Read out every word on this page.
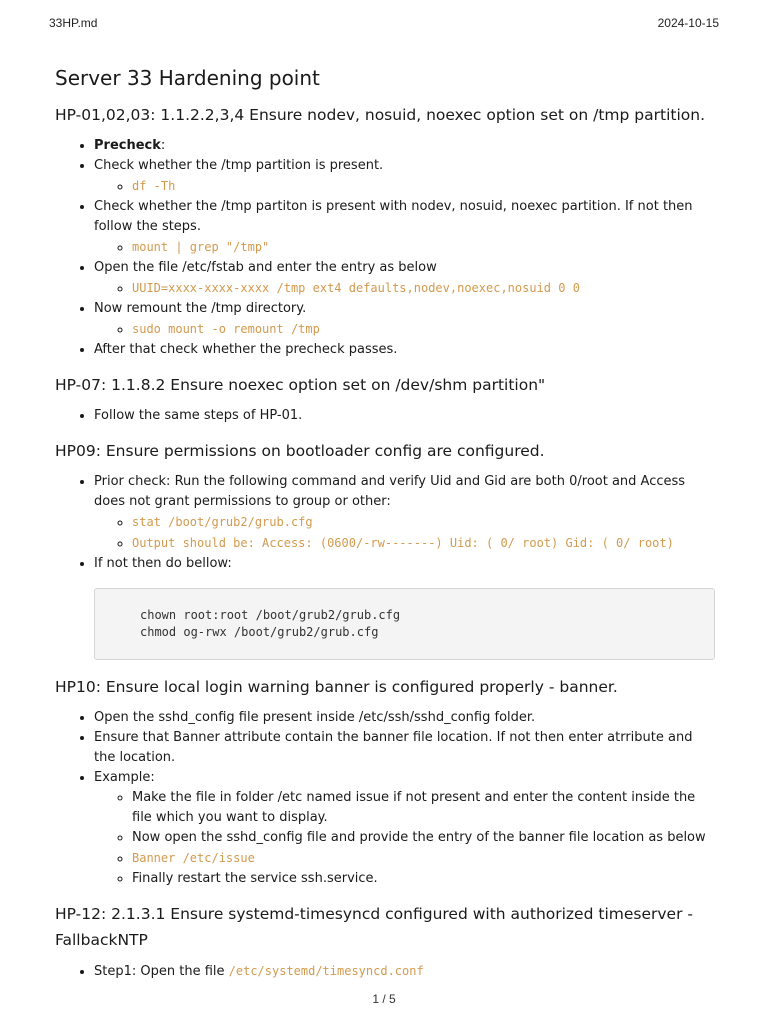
33HP.md	2024-10-15
Server 33 Hardening point
HP-01,02,03: 1.1.2.2,3,4 Ensure nodev, nosuid, noexec option set on /tmp partition.
• Precheck:
• Check whether the /tmp partition is present.
◦ df -Th
• Check whether the /tmp partiton is present with nodev, nosuid, noexec partition. If not then follow the steps.
◦ mount | grep "/tmp"
• Open the file /etc/fstab and enter the entry as below
◦ UUID=xxxx-xxxx-xxxx /tmp ext4 defaults,nodev,noexec,nosuid 0 0
• Now remount the /tmp directory.
◦ sudo mount -o remount /tmp
• After that check whether the precheck passes.
HP-07: 1.1.8.2 Ensure noexec option set on /dev/shm partition"
• Follow the same steps of HP-01.
HP09: Ensure permissions on bootloader config are configured.
• Prior check: Run the following command and verify Uid and Gid are both 0/root and Access does not grant permissions to group or other:
◦ stat /boot/grub2/grub.cfg
◦ Output should be: Access: (0600/-rw-------) Uid: ( 0/ root) Gid: ( 0/ root)
• If not then do bellow:
chown root:root /boot/grub2/grub.cfg
chmod og-rwx /boot/grub2/grub.cfg
HP10: Ensure local login warning banner is configured properly - banner.
• Open the sshd_config file present inside /etc/ssh/sshd_config folder.
• Ensure that Banner attribute contain the banner file location. If not then enter atrribute and the location.
• Example:
◦ Make the file in folder /etc named issue if not present and enter the content inside the file which you want to display.
◦ Now open the sshd_config file and provide the entry of the banner file location as below
◦ Banner /etc/issue
◦ Finally restart the service ssh.service.
HP-12: 2.1.3.1 Ensure systemd-timesyncd configured with authorized timeserver - FallbackNTP
• Step1: Open the file /etc/systemd/timesyncd.conf
1 / 5
